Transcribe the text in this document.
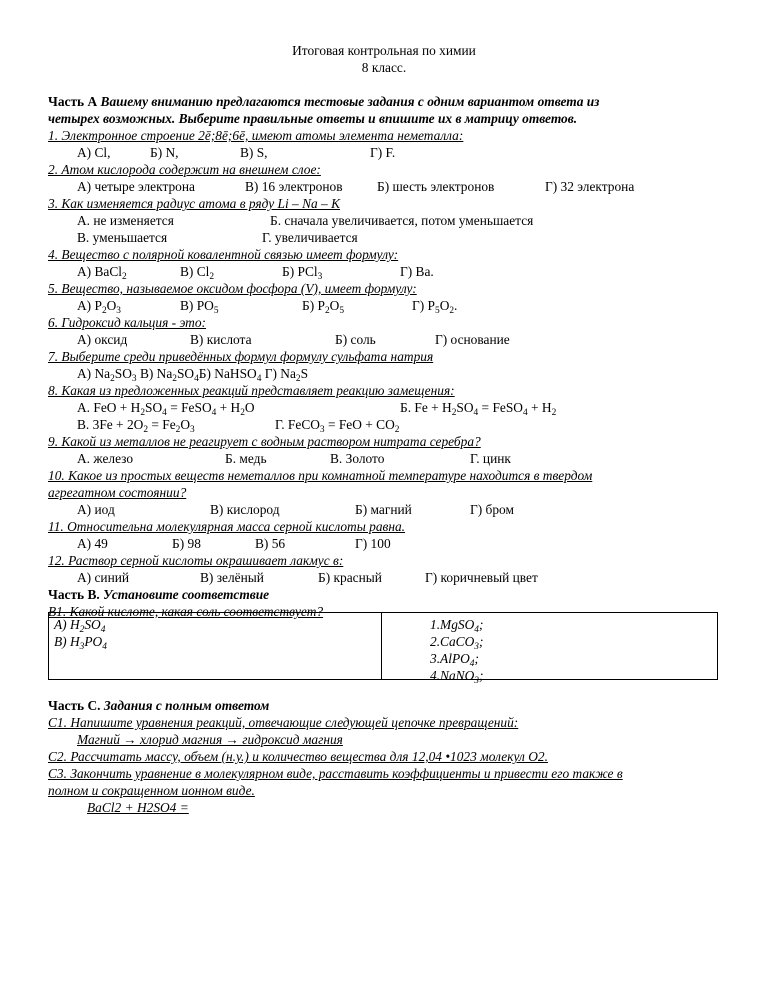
Итоговая контрольная по химии
8 класс.
Часть А Вашему вниманию предлагаются тестовые задания с одним вариантом ответа из
четырех возможных. Выберите правильные ответы и впишите их в матрицу ответов.
1. Электронное строение 2ē;8ē;6ē, имеют атомы элемента неметалла:
А) Cl,	Б) N,	В) S,	Г) F.
2. Атом кислорода содержит на внешнем слое:
А) четыре электрона	В) 16 электронов	Б) шесть электронов	Г) 32 электрона
3. Как изменяется радиус атома в ряду Li – Na – K
А. не изменяется	Б. сначала увеличивается, потом уменьшается
В. уменьшается	Г. увеличивается
4. Вещество с полярной ковалентной связью имеет формулу:
А) BaCl$_2$	В) $Cl_2$	Б) PCl$_3$	Г) Ba.
5. Вещество, называемое оксидом фосфора (V), имеет формулу:
А) $P_2O_3$	В) $PO_5$	Б) $P_2O_5$	Г) $P_5O_2$.
6. Гидроксид кальция - это:
А) оксид	В) кислота	Б) соль	Г) основание
7. Выберите среди приведённых формул формулу сульфата натрия
А) $Na_2SO_3$ В) $Na_2SO_4Б$) NaHSO$_4$ Г) $Na_2S$
8. Какая из предложенных реакций представляет реакцию замещения:
А. FeO + $H_2SO_4$ = FeSO$_4$ + $H_2O$	Б. $Fe + H_2SO_4$ = FeSO$_4$ + $H_2$
В. $3Fe + 2O_2 = Fe_2O_3$	Г. FeCO$_3$ = FeO + $CO_2$
9. Какой из металлов не реагирует с водным раствором нитрата серебра?
А. железо	Б. медь	В. Золото	Г. цинк
10. Какое из простых веществ неметаллов при комнатной температуре находится в твердом
агрегатном состоянии?
А) иод	В) кислород	Б) магний	Г) бром
11. Относительна молекулярная масса серной кислоты равна.
А) 49	Б) 98	В) 56	Г) 100
12. Раствор серной кислоты окрашивает лакмус в:
А) синий	В) зелёный	Б) красный	Г) коричневый цвет
Часть В. Установите соответствие
В1. Какой кислоте, какая соль соответствует?
А) $H_2SO_4$
В) $H_3PO_4$
1.MgSO$_4$;
2.CaCO$_3$;
3.AlPO$_4$;
4.NaNO$_3$;
Часть С. Задания с полным ответом
С1. Напишите уравнения реакций, отвечающие следующей цепочке превращений:
Магний → хлорид магния → гидроксид магния
С2. Рассчитать массу, объем (н.у.) и количество вещества для 12,04 •1023 молекул O2.
С3. Закончить уравнение в молекулярном виде, расставить коэффициенты и привести его также в
полном и сокращенном ионном виде.
BaCl2 + H2SO4 =
